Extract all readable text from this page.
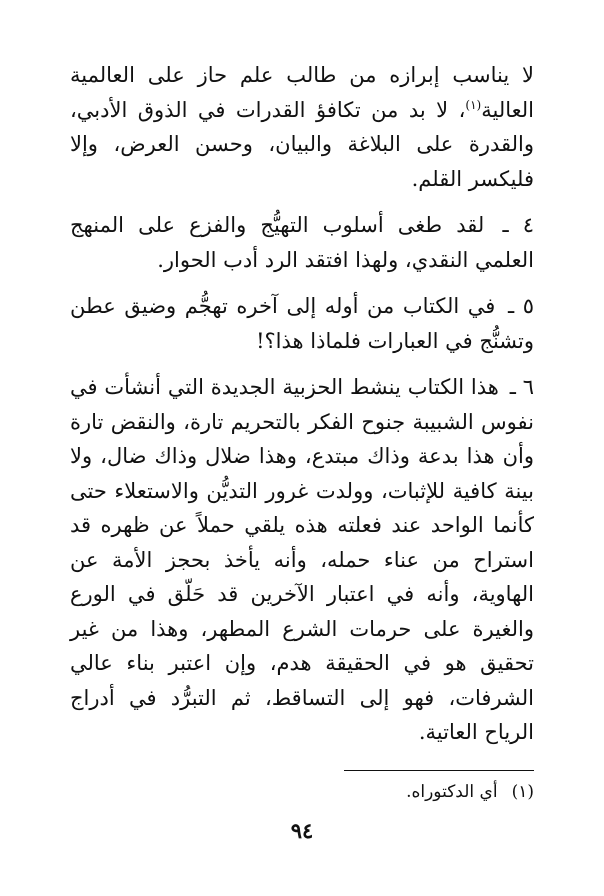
لا يناسب إبرازه من طالب علم حاز على العالمية العالية$^{(١)}$، لا بد من تكافؤ القدرات في الذوق الأدبي، والقدرة على البلاغة والبيان، وحسن العرض، وإلا فليكسر القلم.

٤ ـ لقد طغى أسلوب التهيُّج والفزع على المنهج العلمي النقدي، ولهذا افتقد الرد أدب الحوار.

٥ ـ في الكتاب من أوله إلى آخره تهجُّم وضيق عطن وتشنُّج في العبارات فلماذا هذا؟!

٦ ـ هذا الكتاب ينشط الحزبية الجديدة التي أنشأت في نفوس الشبيبة جنوح الفكر بالتحريم تارة، والنقض تارة وأن هذا بدعة وذاك مبتدع، وهذا ضلال وذاك ضال، ولا بينة كافية للإثبات، وولدت غرور التديُّن والاستعلاء حتى كأنما الواحد عند فعلته هذه يلقي حملاً عن ظهره قد استراح من عناء حمله، وأنه يأخذ بحجز الأمة عن الهاوية، وأنه في اعتبار الآخرين قد حَلّق في الورع والغيرة على حرمات الشرع المطهر، وهذا من غير تحقيق هو في الحقيقة هدم، وإن اعتبر بناء عالي الشرفات، فهو إلى التساقط، ثم التبرُّد في أدراج الرياح العاتية.

(١)أي الدكتوراه.
٩٤
